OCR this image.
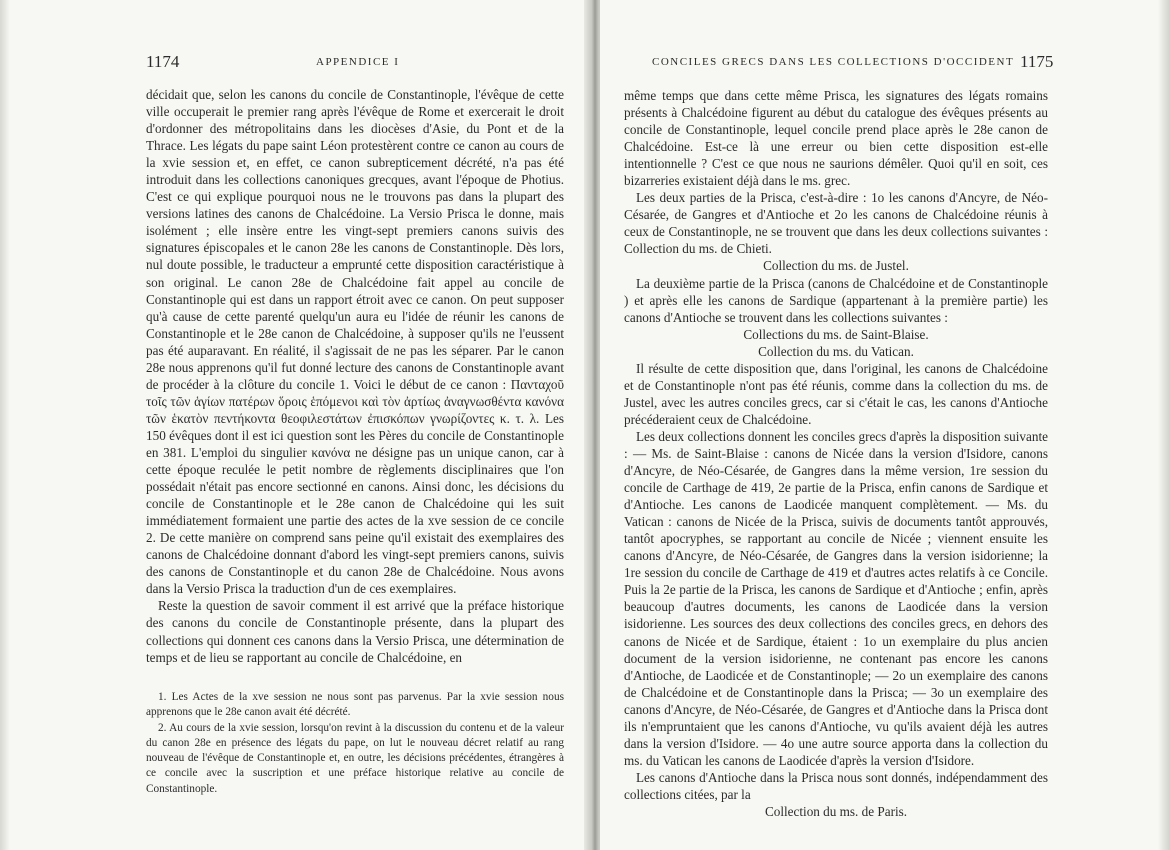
1174	APPENDICE I

décidait que, selon les canons du concile de Constantinople, l'évêque de cette ville occuperait le premier rang après l'évêque de Rome et exercerait le droit d'ordonner des métropolitains dans les diocèses d'Asie, du Pont et de la Thrace. Les légats du pape saint Léon protestèrent contre ce canon au cours de la xvie session et, en effet, ce canon subrepticement décrété, n'a pas été introduit dans les collections canoniques grecques, avant l'époque de Photius. C'est ce qui explique pourquoi nous ne le trouvons pas dans la plupart des versions latines des canons de Chalcédoine. La Versio Prisca le donne, mais isolément ; elle insère entre les vingt-sept premiers canons suivis des signatures épiscopales et le canon 28e les canons de Constantinople. Dès lors, nul doute possible, le traducteur a emprunté cette disposition caractéristique à son original. Le canon 28e de Chalcédoine fait appel au concile de Constantinople qui est dans un rapport étroit avec ce canon. On peut supposer qu'à cause de cette parenté quelqu'un aura eu l'idée de réunir les canons de Constantinople et le 28e canon de Chalcédoine, à supposer qu'ils ne l'eussent pas été auparavant. En réalité, il s'agissait de ne pas les séparer. Par le canon 28e nous apprenons qu'il fut donné lecture des canons de Constantinople avant de procéder à la clôture du concile 1. Voici le début de ce canon : Πανταχοῦ τοῖς τῶν ἁγίων πατέρων ὅροις ἑπόμενοι καὶ τὸν ἀρτίως ἀναγνωσθέντα κανόνα τῶν ἑκατὸν πεντήκοντα θεοφιλεστάτων ἐπισκόπων γνωρίζοντες κ. τ. λ. Les 150 évêques dont il est ici question sont les Pères du concile de Constantinople en 381. L'emploi du singulier κανόνα ne désigne pas un unique canon, car à cette époque reculée le petit nombre de règlements disciplinaires que l'on possédait n'était pas encore sectionné en canons. Ainsi donc, les décisions du concile de Constantinople et le 28e canon de Chalcédoine qui les suit immédiatement formaient une partie des actes de la xve session de ce concile 2. De cette manière on comprend sans peine qu'il existait des exemplaires des canons de Chalcédoine donnant d'abord les vingt-sept premiers canons, suivis des canons de Constantinople et du canon 28e de Chalcédoine. Nous avons dans la Versio Prisca la traduction d'un de ces exemplaires.

Reste la question de savoir comment il est arrivé que la préface historique des canons du concile de Constantinople présente, dans la plupart des collections qui donnent ces canons dans la Versio Prisca, une détermination de temps et de lieu se rapportant au concile de Chalcédoine, en

1. Les Actes de la xve session ne nous sont pas parvenus. Par la xvie session nous apprenons que le 28e canon avait été décrété.

2. Au cours de la xvie session, lorsqu'on revint à la discussion du contenu et de la valeur du canon 28e en présence des légats du pape, on lut le nouveau décret relatif au rang nouveau de l'évêque de Constantinople et, en outre, les décisions précédentes, étrangères à ce concile avec la suscription et une préface historique relative au concile de Constantinople.

CONCILES GRECS DANS LES COLLECTIONS D'OCCIDENT 1175

même temps que dans cette même Prisca, les signatures des légats romains présents à Chalcédoine figurent au début du catalogue des évêques présents au concile de Constantinople, lequel concile prend place après le 28e canon de Chalcédoine. Est-ce là une erreur ou bien cette disposition est-elle intentionnelle ? C'est ce que nous ne saurions démêler. Quoi qu'il en soit, ces bizarreries existaient déjà dans le ms. grec.

Les deux parties de la Prisca, c'est-à-dire : 1o les canons d'Ancyre, de Néo-Césarée, de Gangres et d'Antioche et 2o les canons de Chalcédoine réunis à ceux de Constantinople, ne se trouvent que dans les deux collections suivantes : Collection du ms. de Chieti.

Collection du ms. de Justel.

La deuxième partie de la Prisca (canons de Chalcédoine et de Constantinople ) et après elle les canons de Sardique (appartenant à la première partie) les canons d'Antioche se trouvent dans les collections suivantes :

Collections du ms. de Saint-Blaise.

Collection du ms. du Vatican.

Il résulte de cette disposition que, dans l'original, les canons de Chalcédoine et de Constantinople n'ont pas été réunis, comme dans la collection du ms. de Justel, avec les autres conciles grecs, car si c'était le cas, les canons d'Antioche précéderaient ceux de Chalcédoine.

Les deux collections donnent les conciles grecs d'après la disposition suivante : — Ms. de Saint-Blaise : canons de Nicée dans la version d'Isidore, canons d'Ancyre, de Néo-Césarée, de Gangres dans la même version, 1re session du concile de Carthage de 419, 2e partie de la Prisca, enfin canons de Sardique et d'Antioche. Les canons de Laodicée manquent complètement. — Ms. du Vatican : canons de Nicée de la Prisca, suivis de documents tantôt approuvés, tantôt apocryphes, se rapportant au concile de Nicée ; viennent ensuite les canons d'Ancyre, de Néo-Césarée, de Gangres dans la version isidorienne; la 1re session du concile de Carthage de 419 et d'autres actes relatifs à ce Concile. Puis la 2e partie de la Prisca, les canons de Sardique et d'Antioche ; enfin, après beaucoup d'autres documents, les canons de Laodicée dans la version isidorienne. Les sources des deux collections des conciles grecs, en dehors des canons de Nicée et de Sardique, étaient : 1o un exemplaire du plus ancien document de la version isidorienne, ne contenant pas encore les canons d'Antioche, de Laodicée et de Constantinople; — 2o un exemplaire des canons de Chalcédoine et de Constantinople dans la Prisca; — 3o un exemplaire des canons d'Ancyre, de Néo-Césarée, de Gangres et d'Antioche dans la Prisca dont ils n'empruntaient que les canons d'Antioche, vu qu'ils avaient déjà les autres dans la version d'Isidore. — 4o une autre source apporta dans la collection du ms. du Vatican les canons de Laodicée d'après la version d'Isidore.

Les canons d'Antioche dans la Prisca nous sont donnés, indépendamment des collections citées, par la

Collection du ms. de Paris.
